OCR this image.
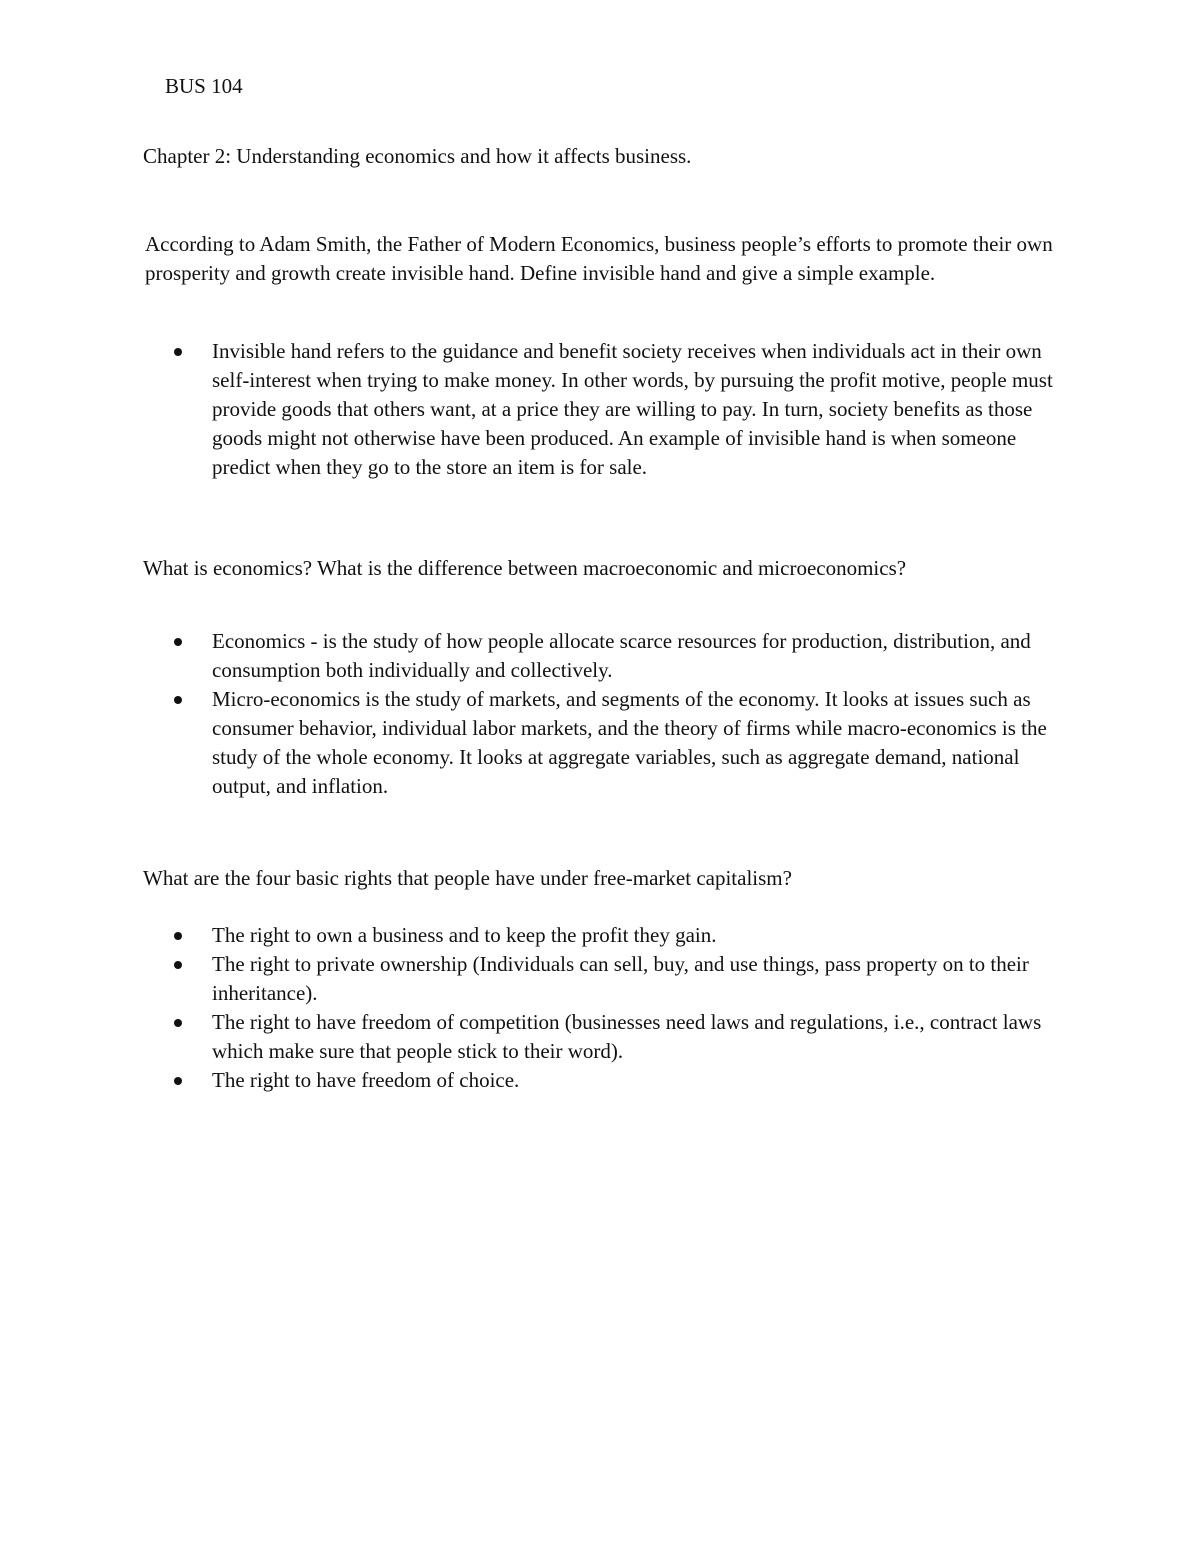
BUS 104

Chapter 2: Understanding economics and how it affects business.

According to Adam Smith, the Father of Modern Economics, business people’s efforts to promote their own prosperity and growth create invisible hand. Define invisible hand and give a simple example.

Invisible hand refers to the guidance and benefit society receives when individuals act in their own self-interest when trying to make money. In other words, by pursuing the profit motive, people must provide goods that others want, at a price they are willing to pay. In turn, society benefits as those goods might not otherwise have been produced. An example of invisible hand is when someone predict when they go to the store an item is for sale.

What is economics? What is the difference between macroeconomic and microeconomics?

Economics - is the study of how people allocate scarce resources for production, distribution, and consumption both individually and collectively.
Micro-economics is the study of markets, and segments of the economy. It looks at issues such as consumer behavior, individual labor markets, and the theory of firms while macro-economics is the study of the whole economy. It looks at aggregate variables, such as aggregate demand, national output, and inflation.

What are the four basic rights that people have under free-market capitalism?

The right to own a business and to keep the profit they gain.
The right to private ownership (Individuals can sell, buy, and use things, pass property on to their inheritance).
The right to have freedom of competition (businesses need laws and regulations, i.e., contract laws which make sure that people stick to their word).
The right to have freedom of choice.
